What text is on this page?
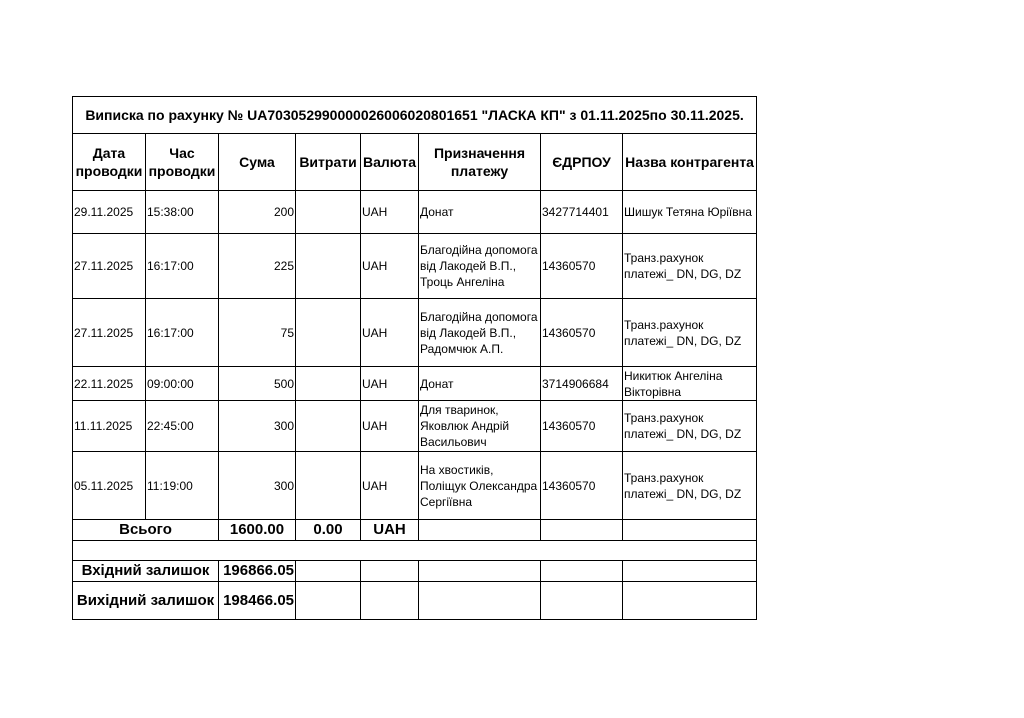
Виписка по рахунку № UA703052990000026006020801651 "ЛАСКА КП" з 01.11.2025по 30.11.2025.							
Дата проводки	Час проводки	Сума	Витрати	Валюта	Призначення платежу	ЄДРПОУ	Назва контрагента
29.11.2025	15:38:00	200		UAH	Донат	3427714401	Шишук Тетяна Юріївна
27.11.2025	16:17:00	225		UAH	Благодійна допомога від Лакодей В.П., Троць Ангеліна	14360570	Транз.рахунок платежі_ DN, DG, DZ
27.11.2025	16:17:00	75		UAH	Благодійна допомога від Лакодей В.П., Радомчюк А.П.	14360570	Транз.рахунок платежі_ DN, DG, DZ
22.11.2025	09:00:00	500		UAH	Донат	3714906684	Никитюк Ангеліна Вікторівна
11.11.2025	22:45:00	300		UAH	Для тваринок, Яковлюк Андрій Васильович	14360570	Транз.рахунок платежі_ DN, DG, DZ
05.11.2025	11:19:00	300		UAH	На хвостиків, Поліщук Олександра Сергіївна	14360570	Транз.рахунок платежі_ DN, DG, DZ
Всього		1600.00	0.00	UAH			

Вхідний залишок		196866.05					
Вихідний залишок		198466.05					
